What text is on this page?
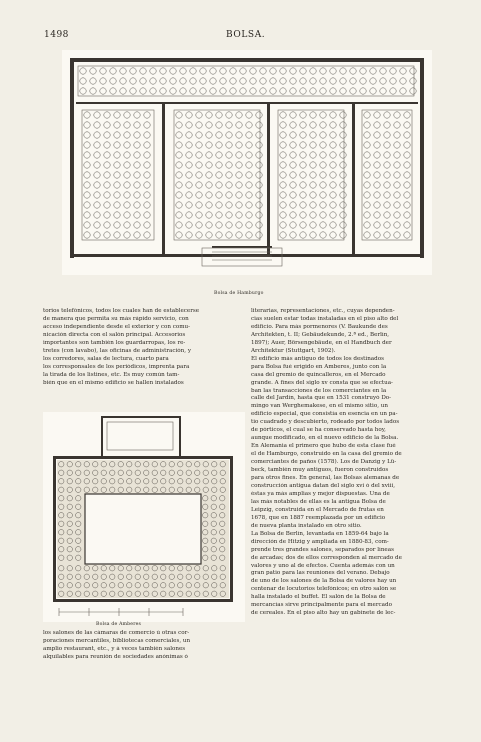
1498	BOLSA.
Bolsa de Hamburgo
Bolsa de Amberes
torios telefónicos, todos los cuales han de establecerse
de manera que permita su más rápido servicio, con
acceso independiente desde el exterior y con comu-
nicación directa con el salón principal. Accesorios
importantes son también los guardarropas, los re-
tretes (con lavabo), las oficinas de administración, y
los corredores, salas de lectura, cuarto para
los corresponsales de los periódicos, imprenta para
la tirada de los listines, etc. Es muy común tam-
bién que en el mismo edificio se hallen instalados
los salones de las cámaras de comercio ú otras cor-
poraciones mercantiles, bibliotecas comerciales, un
amplio restaurant, etc., y á veces también salones
alquilables para reunión de sociedades anónimas ó
literarias, representaciones, etc., cuyas dependen-
cias suelen estar todas instaladas en el piso alto del
edificio. Para más pormenores (V. Baukunde des
Architekten, t. II; Gebäudekunde, 2.ª ed., Berlín,
1897); Auer, Börsengebäude, en el Handbuch der
Architektur (Stuttgart, 1902).
El edificio más antiguo de todos los destinados
para Bolsa fué erigido en Amberes, junto con la
casa del gremio de quincalleros, en el Mercado
grande. A fines del siglo xv consta que se efectua-
ban las transacciones de los comerciantes en la
calle del Jardín, hasta que en 1531 construyó Do-
mingo van Werghemakese, en el mismo sitio, un
edificio especial, que consistía en esencia en un pa-
tio cuadrado y descubierto, rodeado por todos lados
de pórticos, el cual se ha conservado hasta hoy,
aunque modificado, en el nuevo edificio de la Bolsa.
En Alemania el primero que hubo de esta clase fué
el de Hamburgo, construido en la casa del gremio de
comerciantes de paños (1578). Los de Danzig y Lü-
beck, también muy antiguos, fueron construidos
para otros fines. En general, las Bolsas alemanas de
construcción antigua datan del siglo xvi ó del xviii,
éstas ya más amplias y mejor dispuestas. Una de
las más notables de ellas es la antigua Bolsa de
Leipzig, construida en el Mercado de frutas en
1678, que en 1887 reemplazada por un edificio
de nueva planta instalado en otro sitio.
La Bolsa de Berlín, levantada en 1859-64 bajo la
dirección de Hitzig y ampliada en 1880-83, com-
prende tres grandes salones, separados por líneas
de arcadas; dos de ellos corresponden al mercado de
valores y uno al de efectos. Cuenta además con un
gran patio para las reuniones del verano. Debajo
de uno de los salones de la Bolsa de valores hay un
centenar de locutorios telefónicos; en otro salón se
halla instalado el buffet. El salón de la Bolsa de
mercancías sirve principalmente para el mercado
de cereales. En el piso alto hay un gabinete de lec-
